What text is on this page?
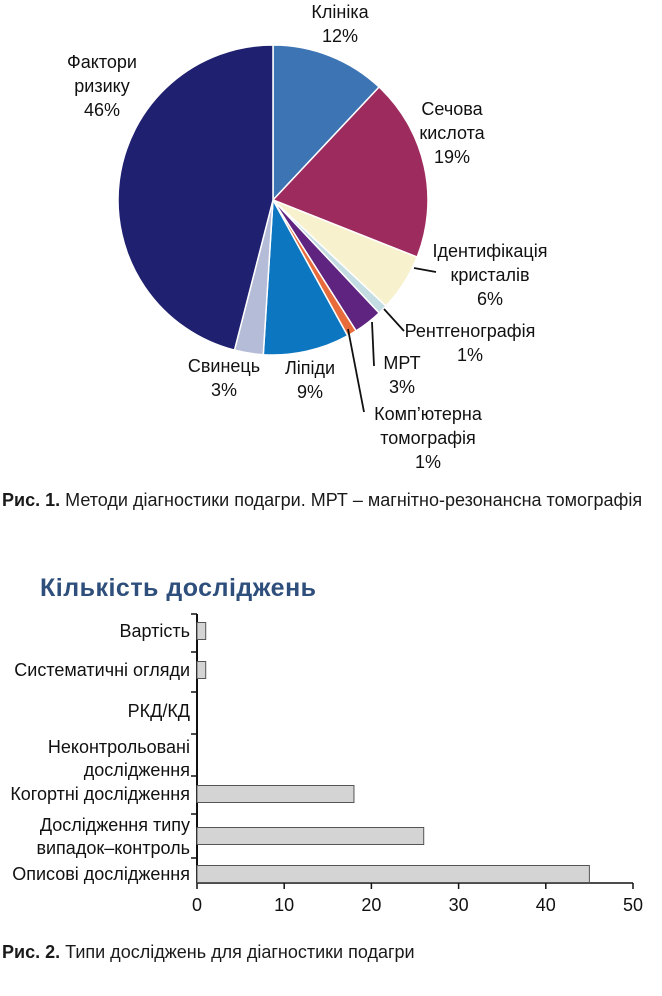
Клініка 12%
Сечова кислота 19%
Ідентифікація кристалів 6%
Рентгенографія 1%
МРТ 3%
Комп’ютерна томографія 1%
Ліпіди 9%
Свинець 3%
Фактори ризику 46%
Рис. 1. Методи діагностики подагри. МРТ – магнітно-резонансна томографія
Кількість досліджень
Вартість
Систематичні огляди
РКД/КД
Неконтрольовані дослідження
Когортні дослідження
Дослідження типу випадок–контроль
Описові дослідження
0	10	20	30	40	50
Рис. 2. Типи досліджень для діагностики подагри
